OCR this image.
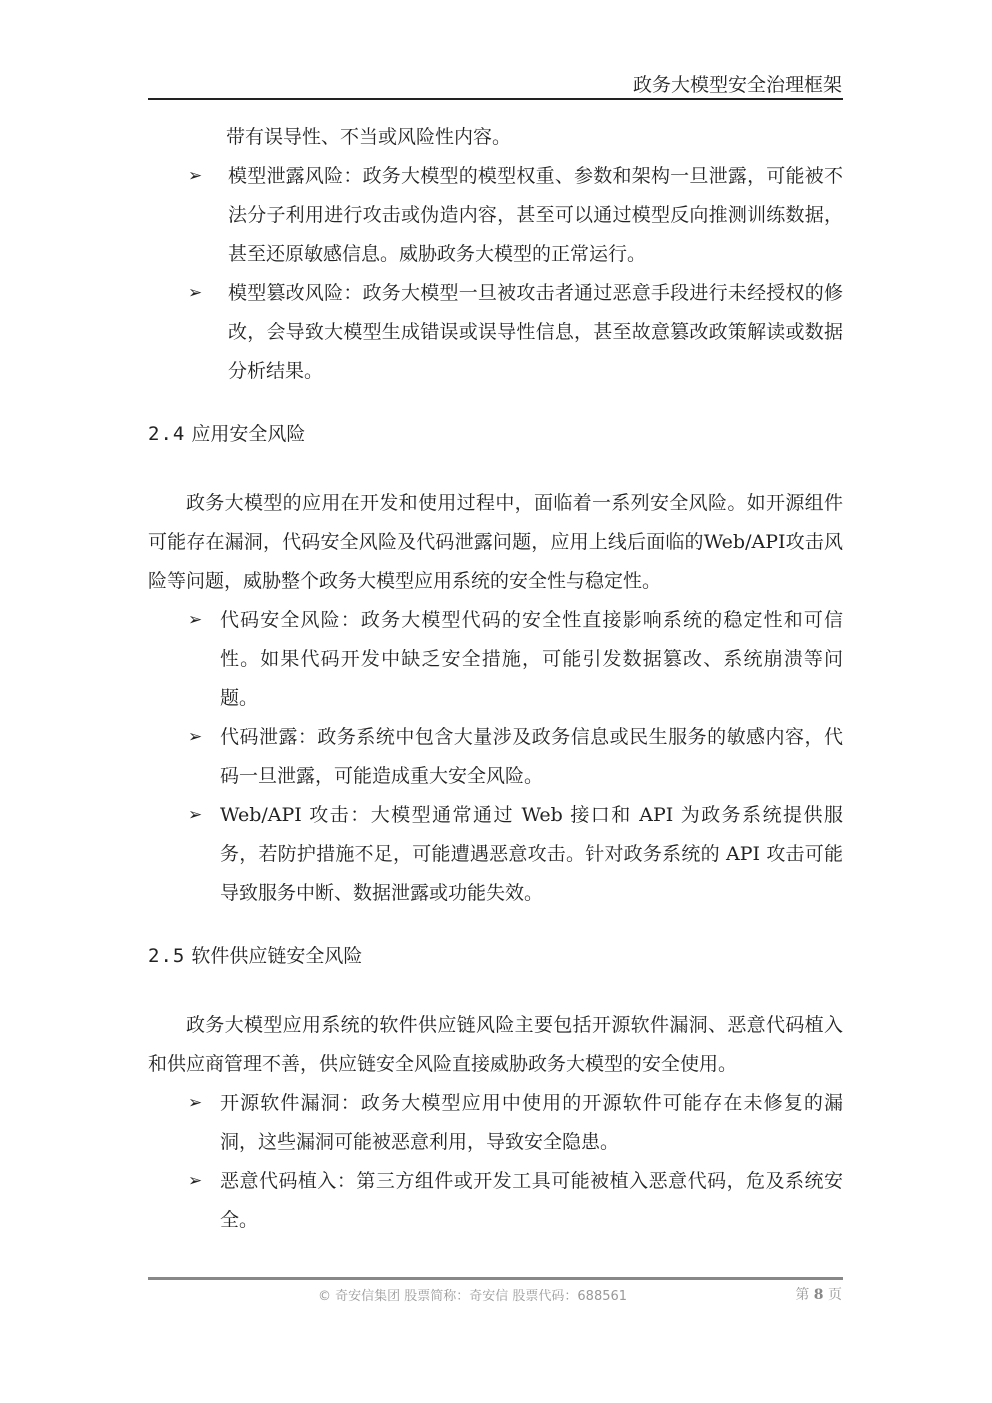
政务大模型安全治理框架

带有误导性、不当或风险性内容。

➢ 模型泄露风险：政务大模型的模型权重、参数和架构一旦泄露，可能被不法分子利用进行攻击或伪造内容，甚至可以通过模型反向推测训练数据，甚至还原敏感信息。威胁政务大模型的正常运行。

➢ 模型篡改风险：政务大模型一旦被攻击者通过恶意手段进行未经授权的修改，会导致大模型生成错误或误导性信息，甚至故意篡改政策解读或数据分析结果。

2.4 应用安全风险

政务大模型的应用在开发和使用过程中，面临着一系列安全风险。如开源组件可能存在漏洞，代码安全风险及代码泄露问题，应用上线后面临的Web/API攻击风险等问题，威胁整个政务大模型应用系统的安全性与稳定性。

➢ 代码安全风险：政务大模型代码的安全性直接影响系统的稳定性和可信性。如果代码开发中缺乏安全措施，可能引发数据篡改、系统崩溃等问题。

➢ 代码泄露：政务系统中包含大量涉及政务信息或民生服务的敏感内容，代码一旦泄露，可能造成重大安全风险。

➢ Web/API 攻击：大模型通常通过 Web 接口和 API 为政务系统提供服务，若防护措施不足，可能遭遇恶意攻击。针对政务系统的 API 攻击可能导致服务中断、数据泄露或功能失效。

2.5 软件供应链安全风险

政务大模型应用系统的软件供应链风险主要包括开源软件漏洞、恶意代码植入和供应商管理不善，供应链安全风险直接威胁政务大模型的安全使用。

➢ 开源软件漏洞：政务大模型应用中使用的开源软件可能存在未修复的漏洞，这些漏洞可能被恶意利用，导致安全隐患。

➢ 恶意代码植入：第三方组件或开发工具可能被植入恶意代码，危及系统安全。

© 奇安信集团 股票简称：奇安信 股票代码：688561	第 8 页
